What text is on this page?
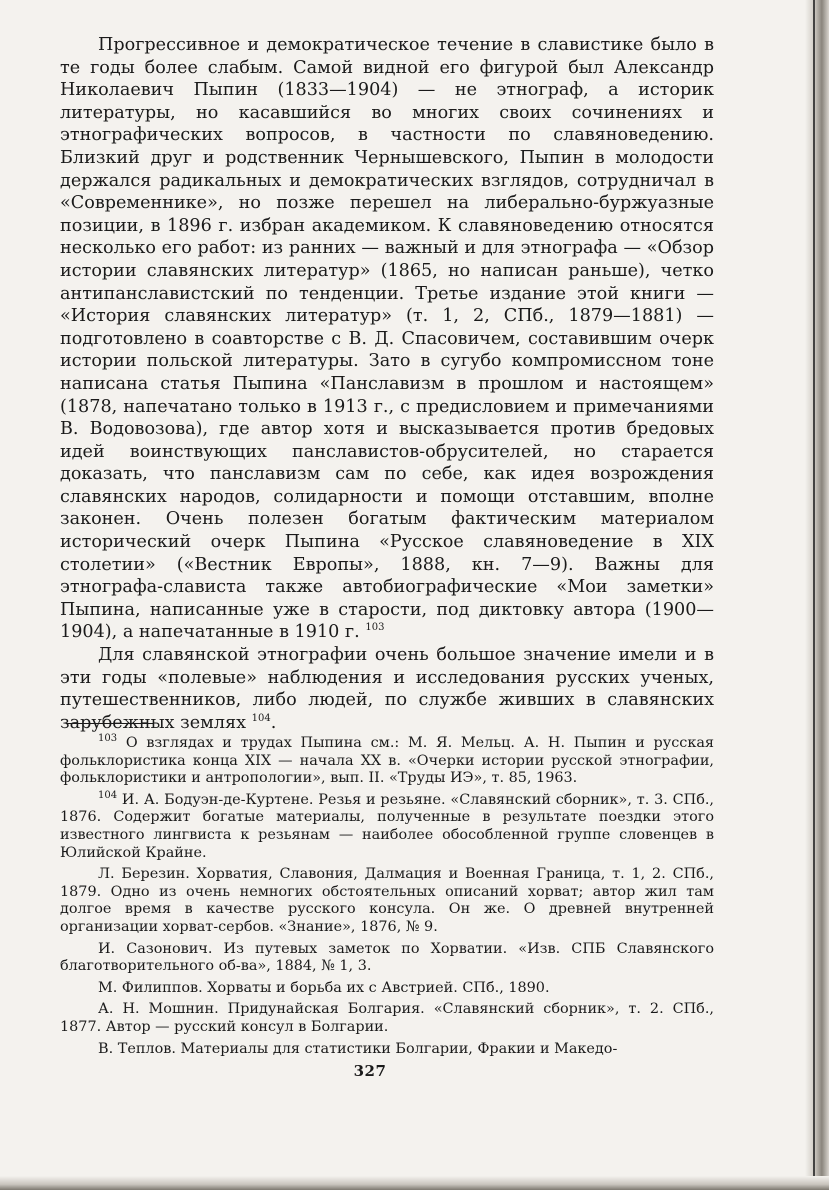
Прогрессивное и демократическое течение в славистике было в те годы более слабым. Самой видной его фигурой был Александр Николаевич Пыпин (1833—1904) — не этнограф, а историк литературы, но касавшийся во многих своих сочинениях и этнографических вопросов, в частности по славяноведению. Близкий друг и родственник Чернышевского, Пыпин в молодости держался радикальных и демократических взглядов, сотрудничал в «Современнике», но позже перешел на либерально-буржуазные позиции, в 1896 г. избран академиком. К славяноведению относятся несколько его работ: из ранних — важный и для этнографа — «Обзор истории славянских литератур» (1865, но написан раньше), четко антипанславистский по тенденции. Третье издание этой книги — «История славянских литератур» (т. 1, 2, СПб., 1879—1881) — подготовлено в соавторстве с В. Д. Спасовичем, составившим очерк истории польской литературы. Зато в сугубо компромиссном тоне написана статья Пыпина «Панславизм в прошлом и настоящем» (1878, напечатано только в 1913 г., с предисловием и примечаниями В. Водовозова), где автор хотя и высказывается против бредовых идей воинствующих панславистов-обрусителей, но старается доказать, что панславизм сам по себе, как идея возрождения славянских народов, солидарности и помощи отставшим, вполне законен. Очень полезен богатым фактическим материалом исторический очерк Пыпина «Русское славяноведение в XIX столетии» («Вестник Европы», 1888, кн. 7—9). Важны для этнографа-слависта также автобиографические «Мои заметки» Пыпина, написанные уже в старости, под диктовку автора (1900—1904), а напечатанные в 1910 г. $^{103}$

Для славянской этнографии очень большое значение имели и в эти годы «полевые» наблюдения и исследования русских ученых, путешественников, либо людей, по службе живших в славянских зарубежных землях $^{104}$.

$^{103}$ О взглядах и трудах Пыпина см.: М. Я. Мельц. А. Н. Пыпин и русская фольклористика конца XIX — начала XX в. «Очерки истории русской этнографии, фольклористики и антропологии», вып. II. «Труды ИЭ», т. 85, 1963.

$^{104}$ И. А. Бодуэн-де-Куртене. Резья и резьяне. «Славянский сборник», т. 3. СПб., 1876. Содержит богатые материалы, полученные в результате поездки этого известного лингвиста к резьянам — наиболее обособленной группе словенцев в Юлийской Крайне.

Л. Березин. Хорватия, Славония, Далмация и Военная Граница, т. 1, 2. СПб., 1879. Одно из очень немногих обстоятельных описаний хорват; автор жил там долгое время в качестве русского консула. Он же. О древней внутренней организации хорват-сербов. «Знание», 1876, № 9.

И. Сазонович. Из путевых заметок по Хорватии. «Изв. СПБ Славянского благотворительного об-ва», 1884, № 1, 3.

М. Филиппов. Хорваты и борьба их с Австрией. СПб., 1890.

А. Н. Мошнин. Придунайская Болгария. «Славянский сборник», т. 2. СПб., 1877. Автор — русский консул в Болгарии.

В. Теплов. Материалы для статистики Болгарии, Фракии и Македо-

327
